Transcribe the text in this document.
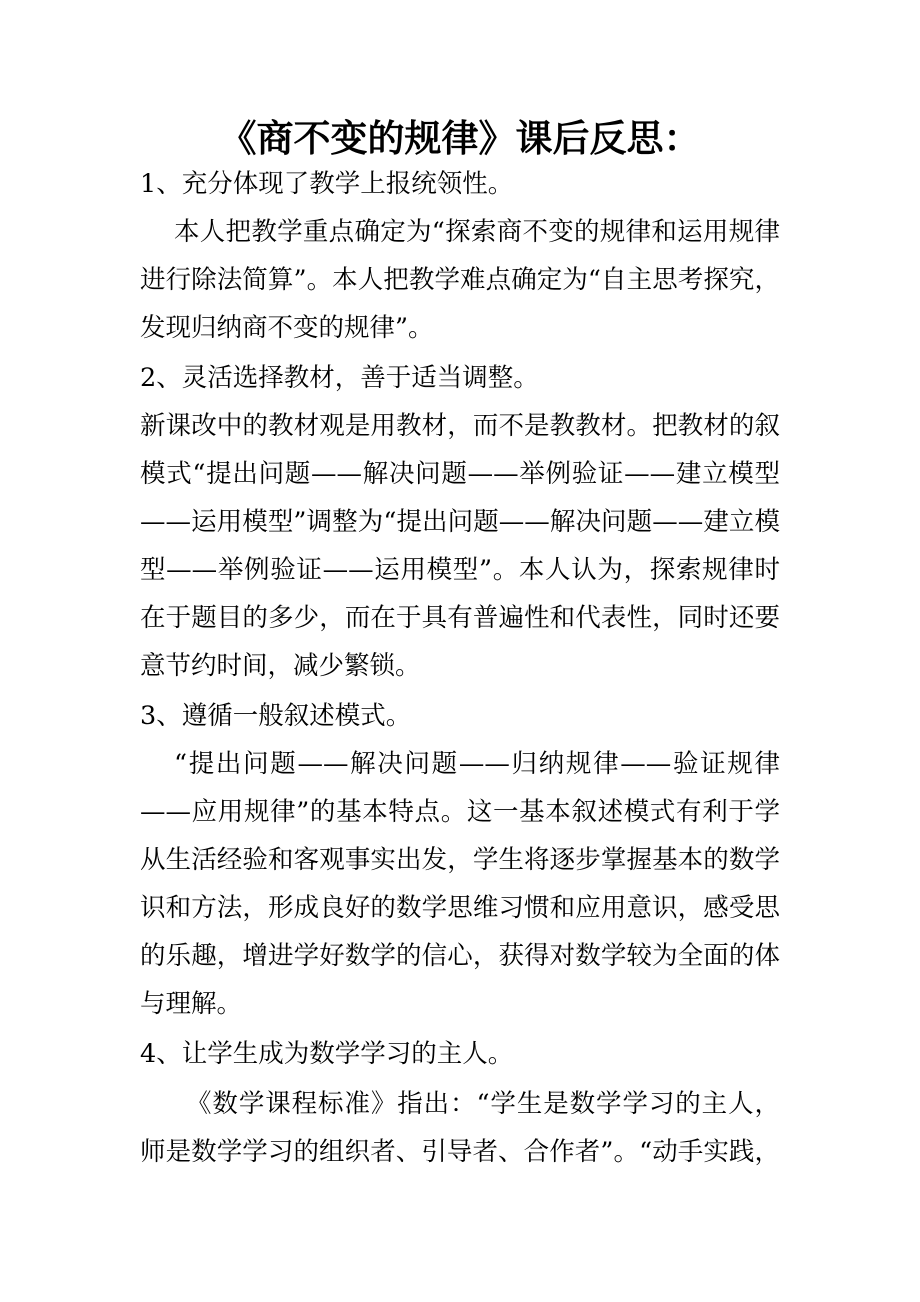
《商不变的规律》课后反思：

1、充分体现了教学上报统领性。

本人把教学重点确定为“探索商不变的规律和运用规律

进行除法简算”。本人把教学难点确定为“自主思考探究，

发现归纳商不变的规律”。

2、灵活选择教材，善于适当调整。

新课改中的教材观是用教材，而不是教教材。把教材的叙

模式“提出问题——解决问题——举例验证——建立模型

——运用模型”调整为“提出问题——解决问题——建立模

型——举例验证——运用模型”。本人认为，探索规律时

在于题目的多少，而在于具有普遍性和代表性，同时还要

意节约时间，减少繁锁。

3、遵循一般叙述模式。

“提出问题——解决问题——归纳规律——验证规律

——应用规律”的基本特点。这一基本叙述模式有利于学

从生活经验和客观事实出发，学生将逐步掌握基本的数学

识和方法，形成良好的数学思维习惯和应用意识，感受思

的乐趣，增进学好数学的信心，获得对数学较为全面的体

与理解。

4、让学生成为数学学习的主人。

《数学课程标准》指出：“学生是数学学习的主人，

师是数学学习的组织者、引导者、合作者”。“动手实践，
